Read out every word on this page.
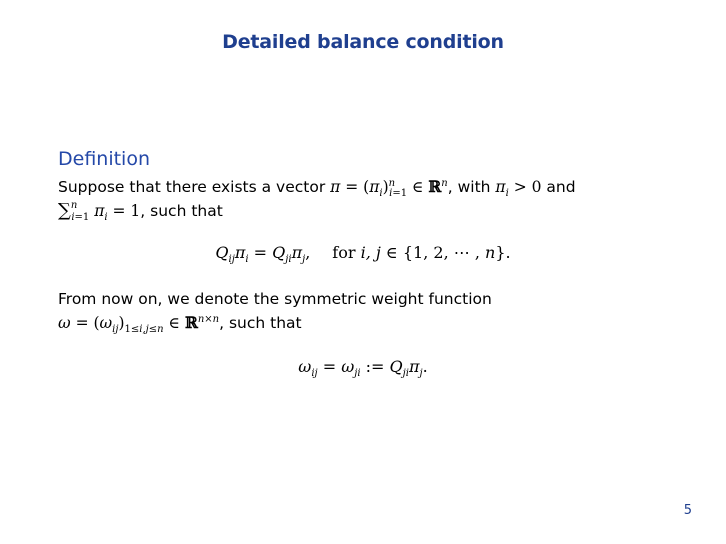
Detailed balance condition
Definition
Suppose that there exists a vector $\pi = (\pi_i)^n_{i=1}$ ∈ ℝ$^n$, with $\pi_i > 0$ and
∑$^n_{i=1}$ $\pi_i = 1$, such that
$Q_{ij}\pi_i = Q_{ji}\pi_j$, for i, j ∈ {1, 2, ⋯ , n}.
From now on, we denote the symmetric weight function
$\omega = (\omega_{ij})_{1\le i,j\le n}$ ∈ ℝ$^{n\times n}$, such that
$\omega_{ij} = \omega_{ji}$ := $Q_{ji}\pi_j$.
5
